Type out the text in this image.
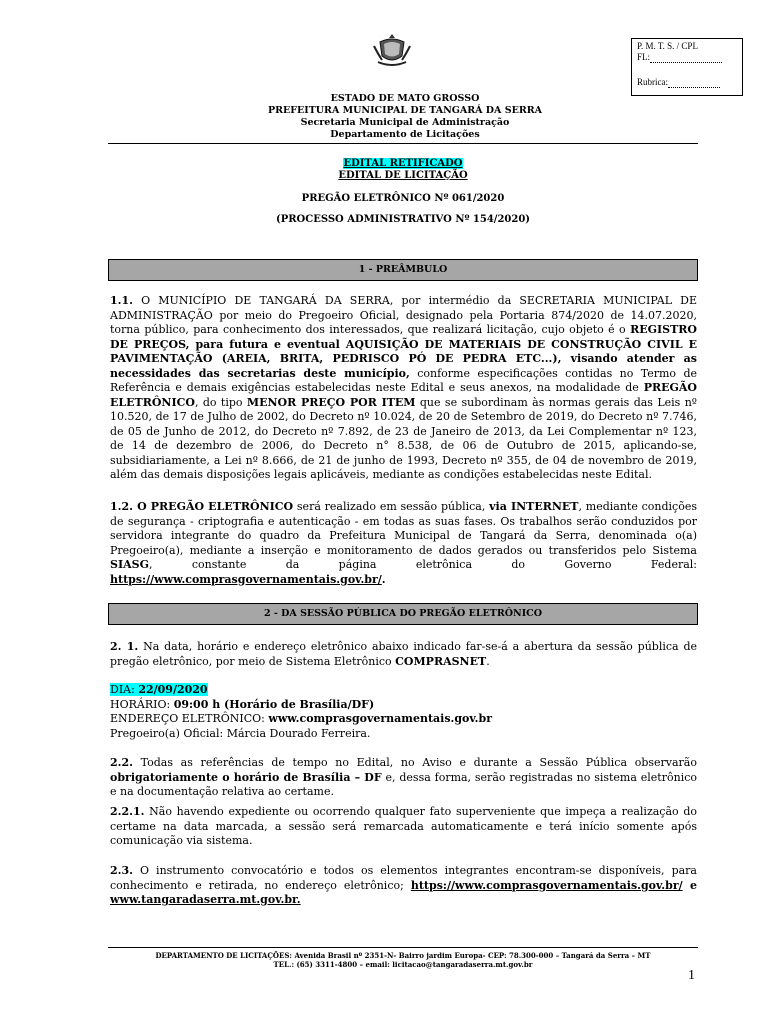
P. M. T. S. / CPL
FL:
Rubrica:
ESTADO DE MATO GROSSO
PREFEITURA MUNICIPAL DE TANGARÁ DA SERRA
Secretaria Municipal de Administração
Departamento de Licitações
EDITAL RETIFICADO
EDITAL DE LICITAÇÃO
PREGÃO ELETRÔNICO Nº 061/2020
(PROCESSO ADMINISTRATIVO Nº 154/2020)
1 - PREÂMBULO
1.1. O MUNICÍPIO DE TANGARÁ DA SERRA, por intermédio da SECRETARIA MUNICIPAL DE ADMINISTRAÇÃO por meio do Pregoeiro Oficial, designado pela Portaria 874/2020 de 14.07.2020, torna público, para conhecimento dos interessados, que realizará licitação, cujo objeto é o REGISTRO DE PREÇOS, para futura e eventual AQUISIÇÃO DE MATERIAIS DE CONSTRUÇÃO CIVIL E PAVIMENTAÇÃO (AREIA, BRITA, PEDRISCO PÓ DE PEDRA ETC...), visando atender as necessidades das secretarias deste município, conforme especificações contidas no Termo de Referência e demais exigências estabelecidas neste Edital e seus anexos, na modalidade de PREGÃO ELETRÔNICO, do tipo MENOR PREÇO POR ITEM que se subordinam às normas gerais das Leis nº 10.520, de 17 de Julho de 2002, do Decreto nº 10.024, de 20 de Setembro de 2019, do Decreto nº 7.746, de 05 de Junho de 2012, do Decreto nº 7.892, de 23 de Janeiro de 2013, da Lei Complementar nº 123, de 14 de dezembro de 2006, do Decreto n° 8.538, de 06 de Outubro de 2015, aplicando-se, subsidiariamente, a Lei nº 8.666, de 21 de junho de 1993, Decreto nº 355, de 04 de novembro de 2019, além das demais disposições legais aplicáveis, mediante as condições estabelecidas neste Edital.
1.2. O PREGÃO ELETRÔNICO será realizado em sessão pública, via INTERNET, mediante condições de segurança - criptografia e autenticação - em todas as suas fases. Os trabalhos serão conduzidos por servidora integrante do quadro da Prefeitura Municipal de Tangará da Serra, denominada o(a) Pregoeiro(a), mediante a inserção e monitoramento de dados gerados ou transferidos pelo Sistema SIASG, constante da página eletrônica do Governo Federal: https://www.comprasgovernamentais.gov.br/.
2 - DA SESSÃO PÚBLICA DO PREGÃO ELETRÔNICO
2. 1. Na data, horário e endereço eletrônico abaixo indicado far-se-á a abertura da sessão pública de pregão eletrônico, por meio de Sistema Eletrônico COMPRASNET.
DIA: 22/09/2020
HORÁRIO: 09:00 h (Horário de Brasília/DF)
ENDEREÇO ELETRÔNICO: www.comprasgovernamentais.gov.br
Pregoeiro(a) Oficial: Márcia Dourado Ferreira.
2.2. Todas as referências de tempo no Edital, no Aviso e durante a Sessão Pública observarão obrigatoriamente o horário de Brasília – DF e, dessa forma, serão registradas no sistema eletrônico e na documentação relativa ao certame.
2.2.1. Não havendo expediente ou ocorrendo qualquer fato superveniente que impeça a realização do certame na data marcada, a sessão será remarcada automaticamente e terá início somente após comunicação via sistema.
2.3. O instrumento convocatório e todos os elementos integrantes encontram-se disponíveis, para conhecimento e retirada, no endereço eletrônico; https://www.comprasgovernamentais.gov.br/ e www.tangaradaserra.mt.gov.br.
DEPARTAMENTO DE LICITAÇÕES: Avenida Brasil nº 2351-N- Bairro jardim Europa- CEP: 78.300-000 – Tangará da Serra – MT
TEL.: (65) 3311-4800 – email: licitacao@tangaradaserra.mt.gov.br
1
